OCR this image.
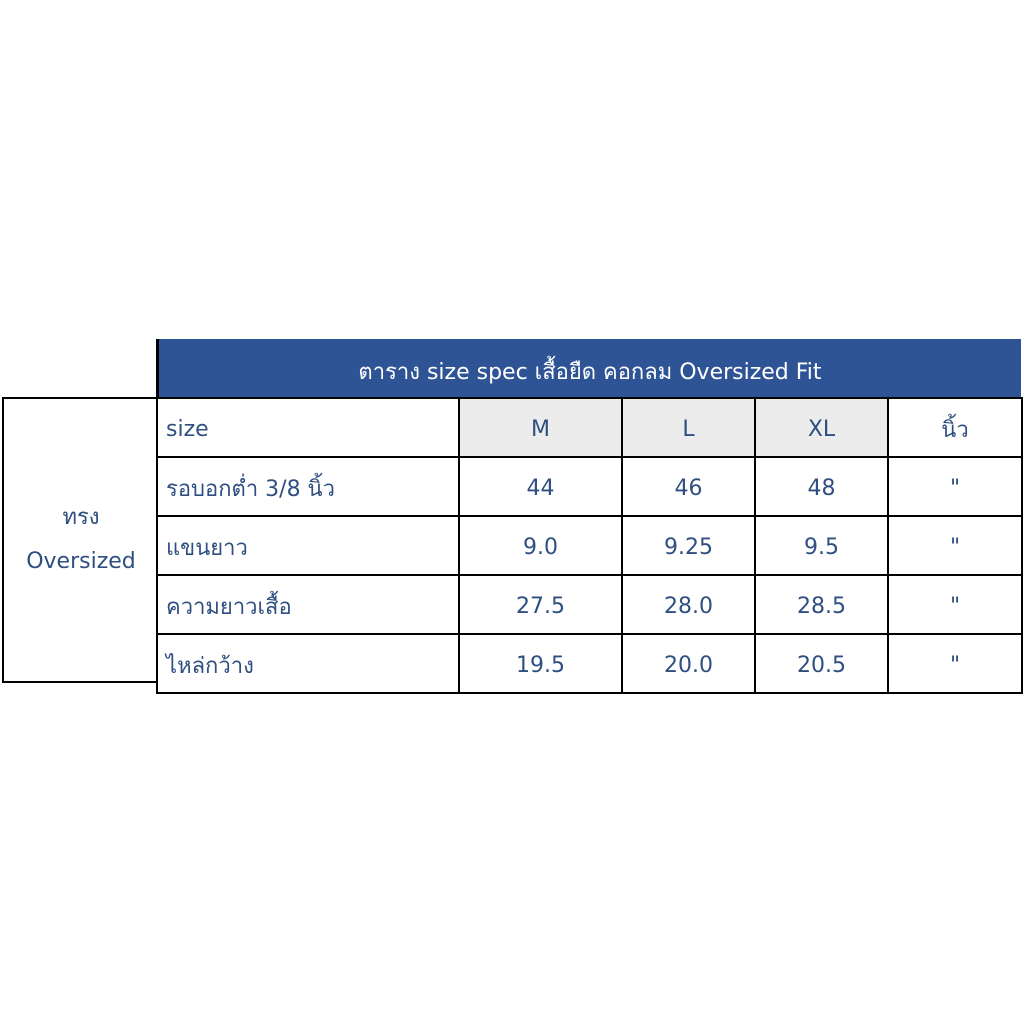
ตาราง size spec เสื้อยืด คอกลม Oversized Fit
ทรง
Oversized
size	M	L	XL	นิ้ว
รอบอกต่ำ 3/8 นิ้ว	44	46	48	"
แขนยาว	9.0	9.25	9.5	"
ความยาวเสื้อ	27.5	28.0	28.5	"
ไหล่กว้าง	19.5	20.0	20.5	"
